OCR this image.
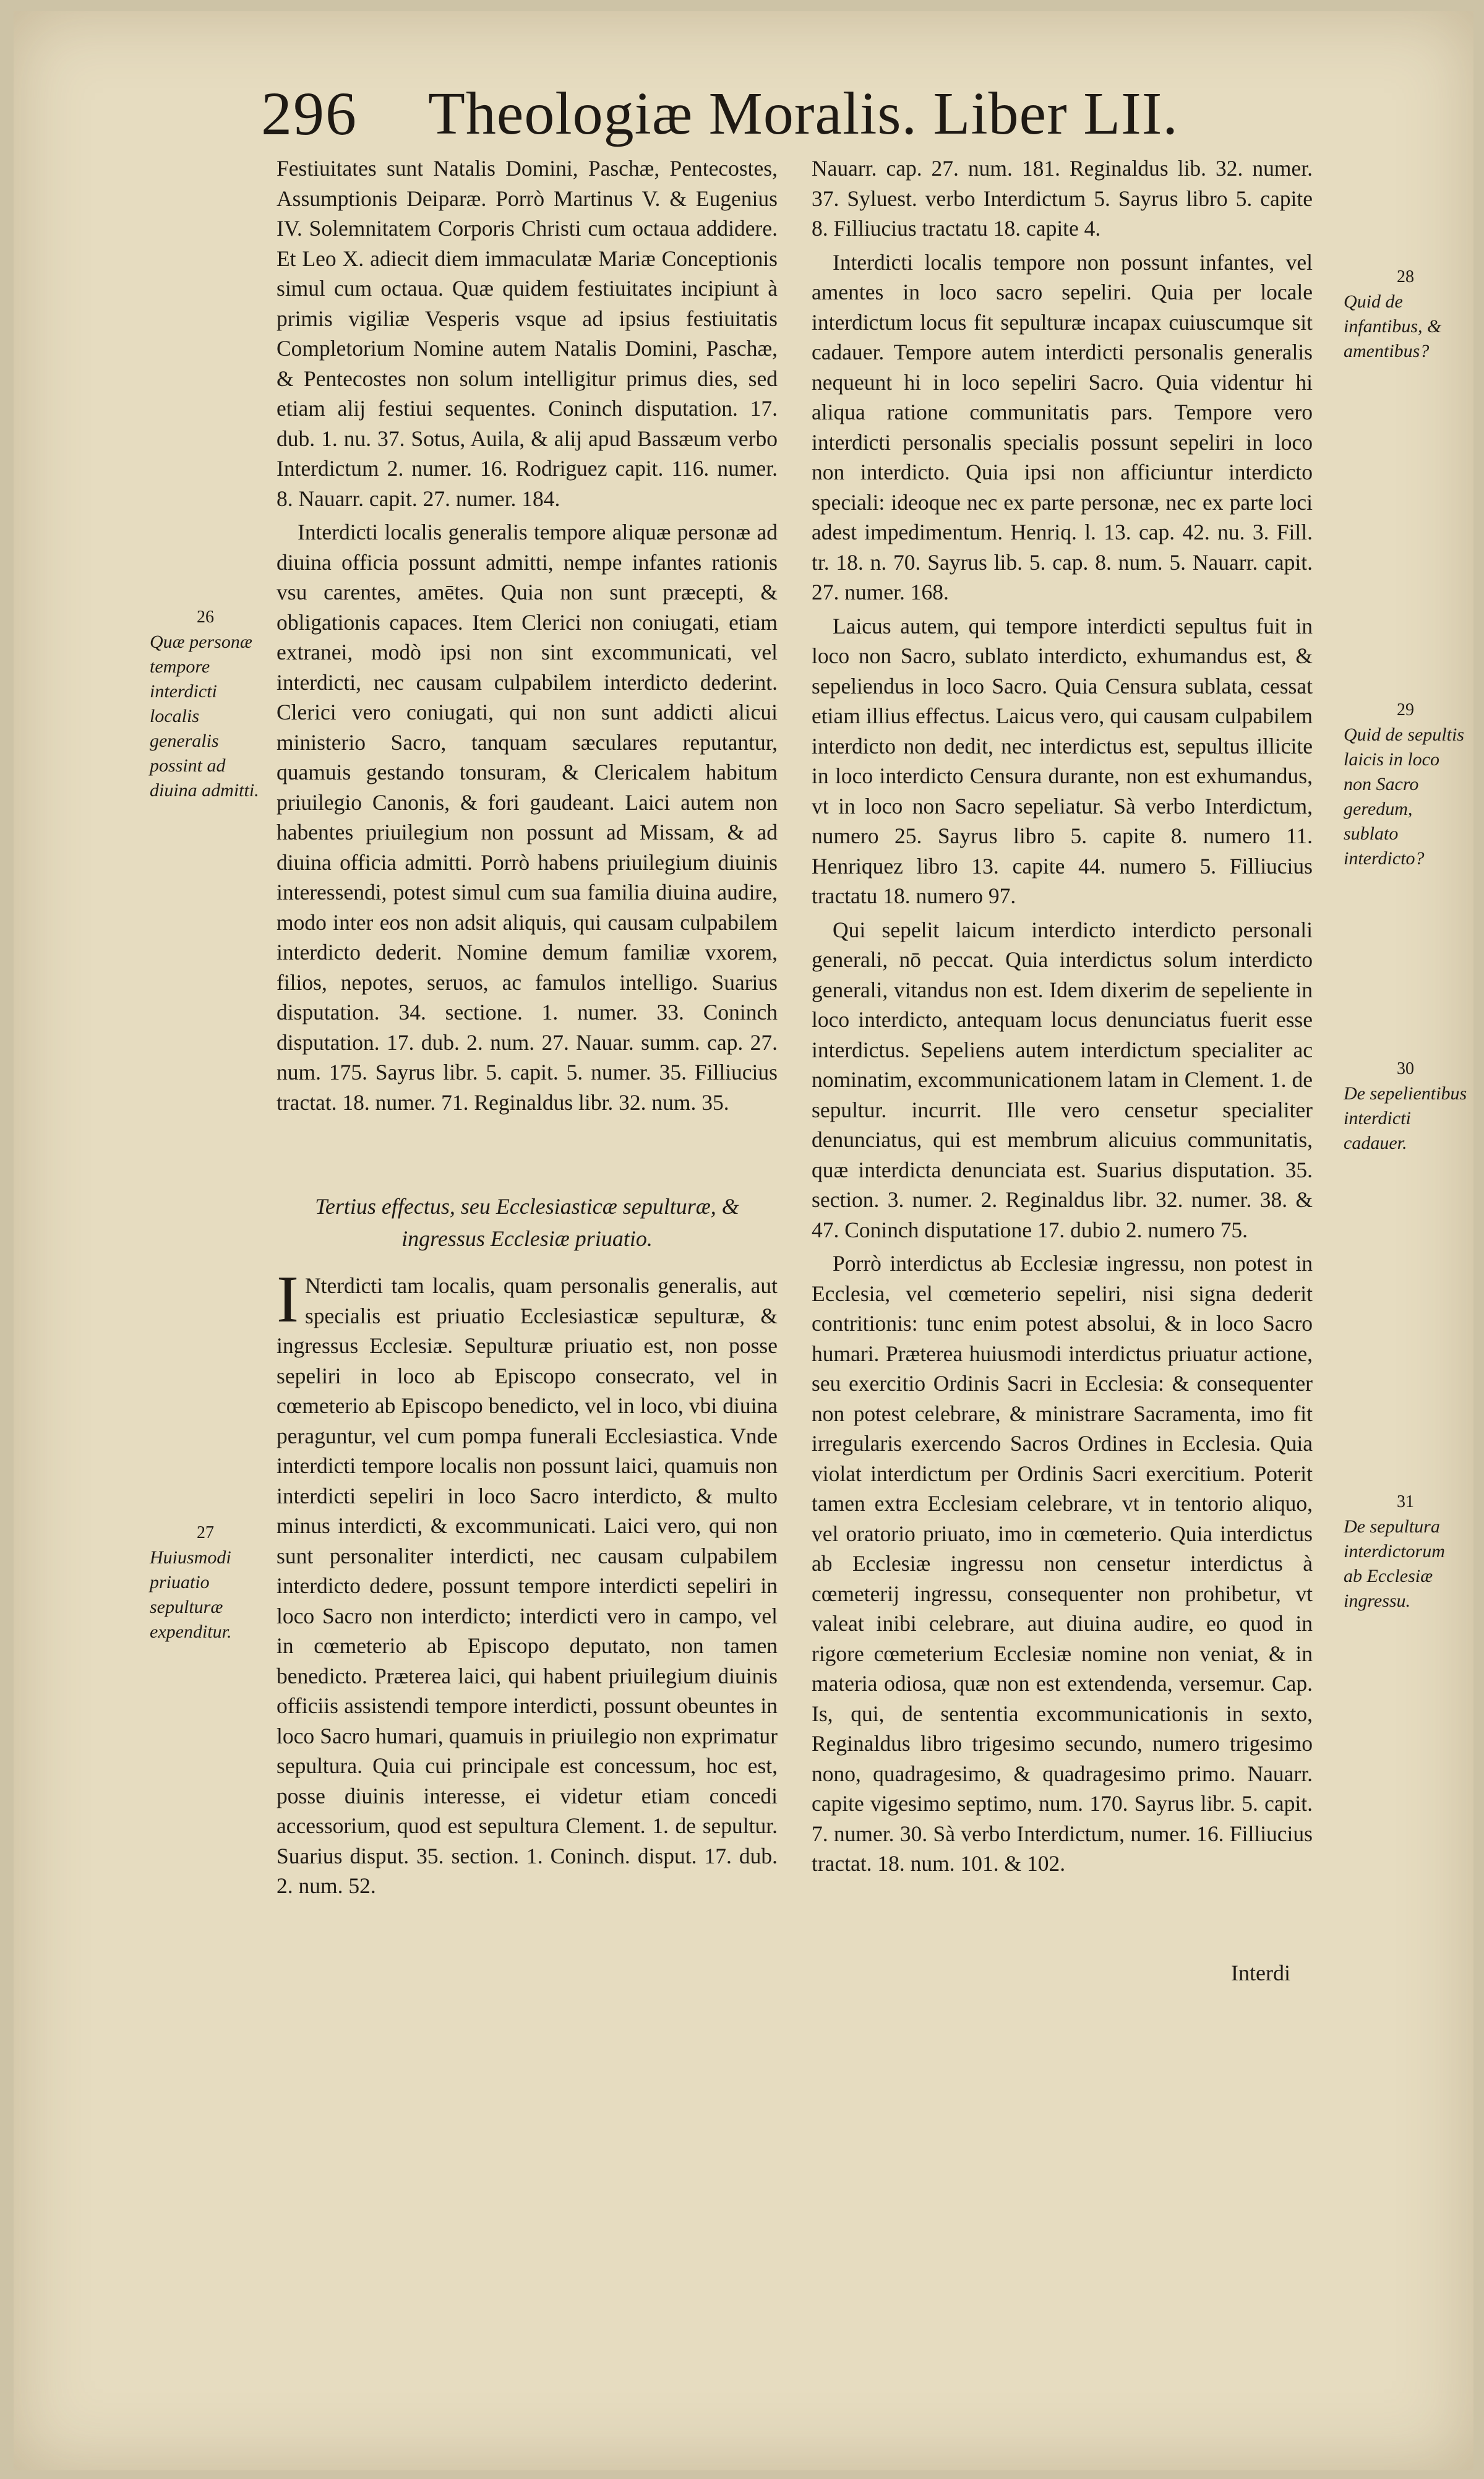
296 Theologiæ Moralis. Liber LII.

Festiuitates sunt Natalis Domini, Paschæ, Pentecostes, Assumptionis Deiparæ. Porrò Martinus V. & Eugenius IV. Solemnitatem Corporis Christi cum octaua addidere. Et Leo X. adiecit diem immaculatæ Mariæ Conceptionis simul cum octaua. Quæ quidem festiuitates incipiunt à primis vigiliæ Vesperis vsque ad ipsius festiuitatis Completorium Nomine autem Natalis Domini, Paschæ, & Pentecostes non solum intelligitur primus dies, sed etiam alij festiui sequentes. Coninch disputation. 17. dub. 1. nu. 37. Sotus, Auila, & alij apud Bassæum verbo Interdictum 2. numer. 16. Rodriguez capit. 116. numer. 8. Nauarr. capit. 27. numer. 184.

Interdicti localis generalis tempore aliquæ personæ ad diuina officia possunt admitti, nempe infantes rationis vsu carentes, amētes. Quia non sunt præcepti, & obligationis capaces. Item Clerici non coniugati, etiam extranei, modò ipsi non sint excommunicati, vel interdicti, nec causam culpabilem interdicto dederint. Clerici vero coniugati, qui non sunt addicti alicui ministerio Sacro, tanquam sæculares reputantur, quamuis gestando tonsuram, & Clericalem habitum priuilegio Canonis, & fori gaudeant. Laici autem non habentes priuilegium non possunt ad Missam, & ad diuina officia admitti. Porrò habens priuilegium diuinis interessendi, potest simul cum sua familia diuina audire, modo inter eos non adsit aliquis, qui causam culpabilem interdicto dederit. Nomine demum familiæ vxorem, filios, nepotes, seruos, ac famulos intelligo. Suarius disputation. 34. sectione. 1. numer. 33. Coninch disputation. 17. dub. 2. num. 27. Nauar. summ. cap. 27. num. 175. Sayrus libr. 5. capit. 5. numer. 35. Filliucius tractat. 18. numer. 71. Reginaldus libr. 32. num. 35.

Tertius effectus, seu Ecclesiasticæ sepulturæ, & ingressus Ecclesiæ priuatio.

I Nterdicti tam localis, quam personalis generalis, aut specialis est priuatio Ecclesiasticæ sepulturæ, & ingressus Ecclesiæ. Sepulturæ priuatio est, non posse sepeliri in loco ab Episcopo consecrato, vel in cœmeterio ab Episcopo benedicto, vel in loco, vbi diuina peraguntur, vel cum pompa funerali Ecclesiastica. Vnde interdicti tempore localis non possunt laici, quamuis non interdicti sepeliri in loco Sacro interdicto, & multo minus interdicti, & excommunicati. Laici vero, qui non sunt personaliter interdicti, nec causam culpabilem interdicto dedere, possunt tempore interdicti sepeliri in loco Sacro non interdicto; interdicti vero in campo, vel in cœmeterio ab Episcopo deputato, non tamen benedicto. Præterea laici, qui habent priuilegium diuinis officiis assistendi tempore interdicti, possunt obeuntes in loco Sacro humari, quamuis in priuilegio non exprimatur sepultura. Quia cui principale est concessum, hoc est, posse diuinis interesse, ei videtur etiam concedi accessorium, quod est sepultura Clement. 1. de sepultur. Suarius disput. 35. section. 1. Coninch. disput. 17. dub. 2. num. 52.

Nauarr. cap. 27. num. 181. Reginaldus lib. 32. numer. 37. Syluest. verbo Interdictum 5. Sayrus libro 5. capite 8. Filliucius tractatu 18. capite 4.

Interdicti localis tempore non possunt infantes, vel amentes in loco sacro sepeliri. Quia per locale interdictum locus fit sepulturæ incapax cuiuscumque sit cadauer. Tempore autem interdicti personalis generalis nequeunt hi in loco sepeliri Sacro. Quia videntur hi aliqua ratione communitatis pars. Tempore vero interdicti personalis specialis possunt sepeliri in loco non interdicto. Quia ipsi non afficiuntur interdicto speciali: ideoque nec ex parte personæ, nec ex parte loci adest impedimentum. Henriq. l. 13. cap. 42. nu. 3. Fill. tr. 18. n. 70. Sayrus lib. 5. cap. 8. num. 5. Nauarr. capit. 27. numer. 168.

Laicus autem, qui tempore interdicti sepultus fuit in loco non Sacro, sublato interdicto, exhumandus est, & sepeliendus in loco Sacro. Quia Censura sublata, cessat etiam illius effectus. Laicus vero, qui causam culpabilem interdicto non dedit, nec interdictus est, sepultus illicite in loco interdicto Censura durante, non est exhumandus, vt in loco non Sacro sepeliatur. Sà verbo Interdictum, numero 25. Sayrus libro 5. capite 8. numero 11. Henriquez libro 13. capite 44. numero 5. Filliucius tractatu 18. numero 97.

Qui sepelit laicum interdicto interdicto personali generali, nō peccat. Quia interdictus solum interdicto generali, vitandus non est. Idem dixerim de sepeliente in loco interdicto, antequam locus denunciatus fuerit esse interdictus. Sepeliens autem interdictum specialiter ac nominatim, excommunicationem latam in Clement. 1. de sepultur. incurrit. Ille vero censetur specialiter denunciatus, qui est membrum alicuius communitatis, quæ interdicta denunciata est. Suarius disputation. 35. section. 3. numer. 2. Reginaldus libr. 32. numer. 38. & 47. Coninch disputatione 17. dubio 2. numero 75.

Porrò interdictus ab Ecclesiæ ingressu, non potest in Ecclesia, vel cœmeterio sepeliri, nisi signa dederit contritionis: tunc enim potest absolui, & in loco Sacro humari. Præterea huiusmodi interdictus priuatur actione, seu exercitio Ordinis Sacri in Ecclesia: & consequenter non potest celebrare, & ministrare Sacramenta, imo fit irregularis exercendo Sacros Ordines in Ecclesia. Quia violat interdictum per Ordinis Sacri exercitium. Poterit tamen extra Ecclesiam celebrare, vt in tentorio aliquo, vel oratorio priuato, imo in cœmeterio. Quia interdictus ab Ecclesiæ ingressu non censetur interdictus à cœmeterij ingressu, consequenter non prohibetur, vt valeat inibi celebrare, aut diuina audire, eo quod in rigore cœmeterium Ecclesiæ nomine non veniat, & in materia odiosa, quæ non est extendenda, versemur. Cap. Is, qui, de sententia excommunicationis in sexto, Reginaldus libro trigesimo secundo, numero trigesimo nono, quadragesimo, & quadragesimo primo. Nauarr. capite vigesimo septimo, num. 170. Sayrus libr. 5. capit. 7. numer. 30. Sà verbo Interdictum, numer. 16. Filliucius tractat. 18. num. 101. & 102.

26
Quæ personæ tempore interdicti localis generalis possint ad diuina admitti.
27
Huiusmodi priuatio sepulturæ expenditur.
28
Quid de infantibus, & amentibus?
29
Quid de sepultis laicis in loco non Sacro geredum, sublato interdicto?
30
De sepelientibus interdicti cadauer.
31
De sepultura interdictorum ab Ecclesiæ ingressu.
Interdi
